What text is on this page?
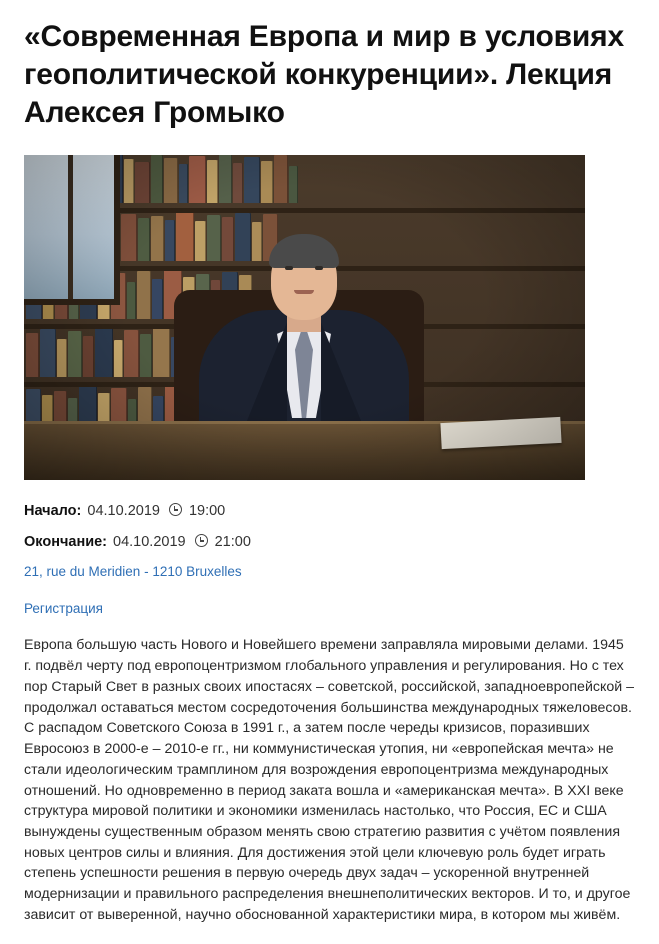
«Современная Европа и мир в условиях геополитической конкуренции». Лекция Алексея Громыко
Начало: 04.10.2019 19:00
Окончание: 04.10.2019 21:00
21, rue du Meridien - 1210 Bruxelles
Регистрация

Европа большую часть Нового и Новейшего времени заправляла мировыми делами. 1945 г. подвёл черту под европоцентризмом глобального управления и регулирования. Но с тех пор Старый Свет в разных своих ипостасях – советской, российской, западноевропейской – продолжал оставаться местом сосредоточения большинства международных тяжеловесов. С распадом Советского Союза в 1991 г., а затем после череды кризисов, поразивших Евросоюз в 2000-е – 2010-е гг., ни коммунистическая утопия, ни «европейская мечта» не стали идеологическим трамплином для возрождения европоцентризма международных отношений. Но одновременно в период заката вошла и «американская мечта». В XXI веке структура мировой политики и экономики изменилась настолько, что Россия, ЕС и США вынуждены существенным образом менять свою стратегию развития с учётом появления новых центров силы и влияния. Для достижения этой цели ключевую роль будет играть степень успешности решения в первую очередь двух задач – ускоренной внутренней модернизации и правильного распределения внешнеполитических векторов. И то, и другое зависит от выверенной, научно обоснованной характеристики мира, в котором мы живём.
